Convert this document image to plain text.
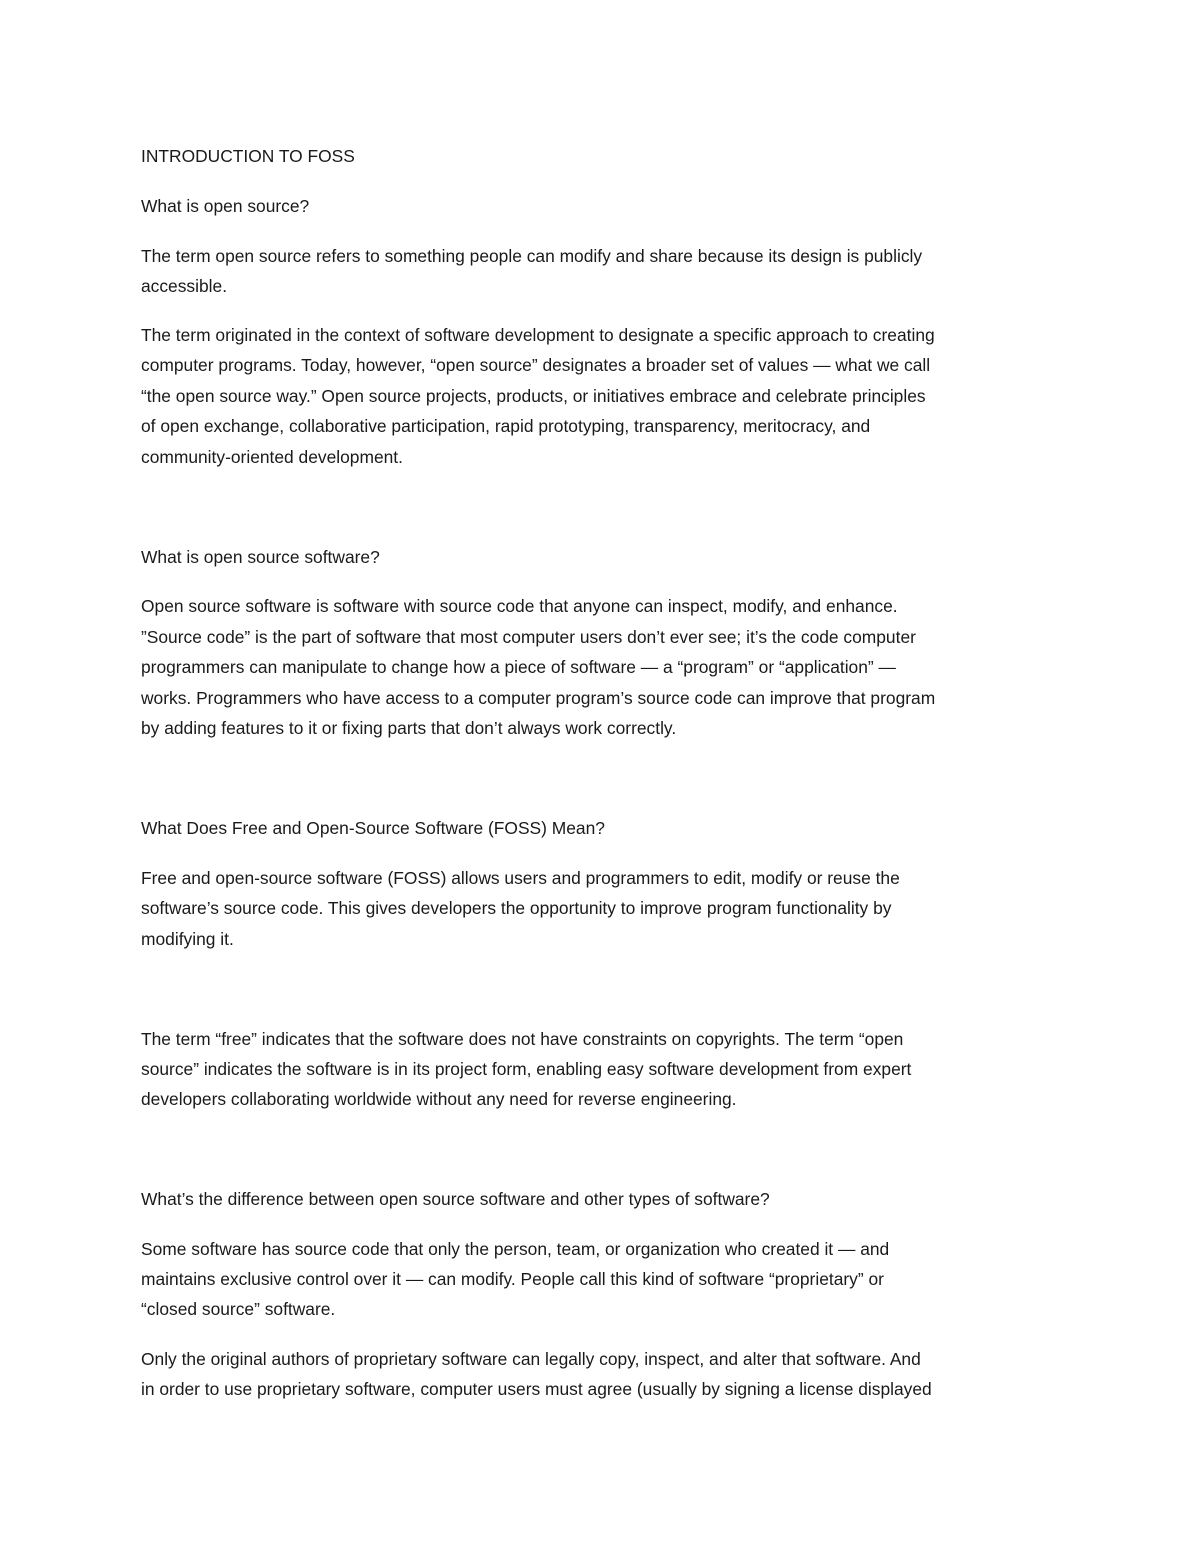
INTRODUCTION TO FOSS

What is open source?

The term open source refers to something people can modify and share because its design is publicly

accessible.

The term originated in the context of software development to designate a specific approach to creating

computer programs. Today, however, “open source” designates a broader set of values — what we call

“the open source way.” Open source projects, products, or initiatives embrace and celebrate principles

of open exchange, collaborative participation, rapid prototyping, transparency, meritocracy, and

community-oriented development.

What is open source software?

Open source software is software with source code that anyone can inspect, modify, and enhance.

”Source code” is the part of software that most computer users don’t ever see; it’s the code computer

programmers can manipulate to change how a piece of software — a “program” or “application” —

works. Programmers who have access to a computer program’s source code can improve that program

by adding features to it or fixing parts that don’t always work correctly.

What Does Free and Open-Source Software (FOSS) Mean?

Free and open-source software (FOSS) allows users and programmers to edit, modify or reuse the

software’s source code. This gives developers the opportunity to improve program functionality by

modifying it.

The term “free” indicates that the software does not have constraints on copyrights. The term “open

source” indicates the software is in its project form, enabling easy software development from expert

developers collaborating worldwide without any need for reverse engineering.

What’s the difference between open source software and other types of software?

Some software has source code that only the person, team, or organization who created it — and

maintains exclusive control over it — can modify. People call this kind of software “proprietary” or

“closed source” software.

Only the original authors of proprietary software can legally copy, inspect, and alter that software. And

in order to use proprietary software, computer users must agree (usually by signing a license displayed
